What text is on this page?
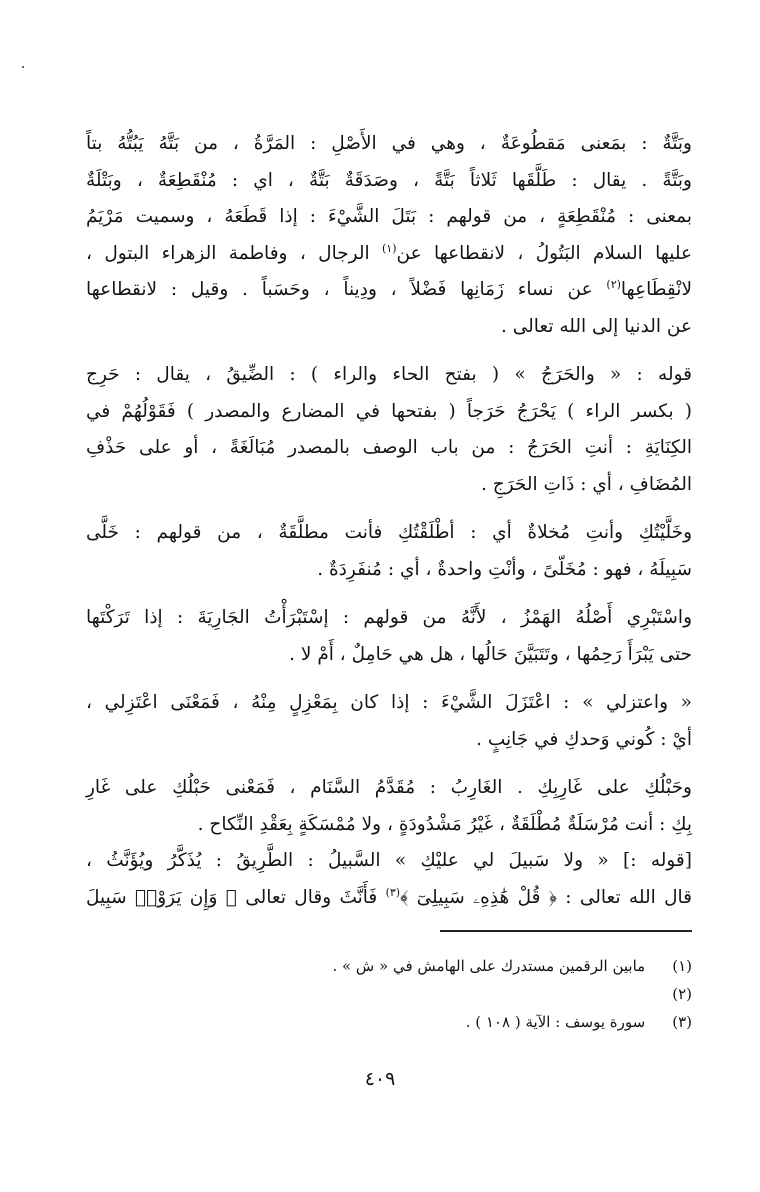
وبَتَّةٌ : بمَعنى مَقطُوعَةٌ ، وهي في الأَصْلِ : المَرَّةُ ، من بَتَّهُ يَبُتُّهُ بتاً
وبَتَّةً . يقال : طَلَّقَها ثَلاثاً بَتَّةً ، وصَدَقَةٌ بَتَّةٌ ، اي : مُنْقَطِعَةٌ ، وبَتْلَةٌ
بمعنى : مُنْقَطِعَةٍ ، من قولهم : بَتَلَ الشَّيْءَ : إذا قَطَعَهُ ، وسميت مَرْيَمُ
عليها السلام البَتُولُ ، لانقطاعها عن$^{(١)}$ الرجال ، وفاطمة الزهراء البتول ،
لانْقِطَاعِها$^{(٢)}$ عن نساء زَمَانِها فَضْلاً ، ودِيناً ، وحَسَباً . وقيل : لانقطاعها
عن الدنيا إلى الله تعالى .
قوله : « والحَرَجُ » ( بفتح الحاء والراء ) : الضِّيقُ ، يقال : حَرِج
( بكسر الراء ) يَحْرَجُ حَرَجاً ( بفتحها في المضارع والمصدر ) فَقَوْلُهُمْ في
الكِنَايَةِ : أنتِ الحَرَجُ : من باب الوصف بالمصدر مُبَالَغَةً ، أو على حَذْفِ
المُضَافِ ، أي : ذَاتِ الحَرَجِ .
وخَلَّيْتُكِ وأنتِ مُخلاةٌ أي : أطْلَقْتُكِ فأنت مطلَّقَةٌ ، من قولهم : خَلَّى
سَبِيلَهُ ، فهو : مُخَلّىً ، وأنْتِ واحدةٌ ، أي : مُنفَرِدَةٌ .
واسْتَبْرِي أَصْلُهُ الهَمْزُ ، لأَنَّهُ من قولهم : إسْتَبْرَأْتُ الجَارِيَةَ : إذا تَرَكْتَها
حتى يَبْرَأَ رَحِمُها ، وتَتَبَيَّنَ حَالُها ، هل هي حَامِلٌ ، أَمْ لا .
« واعتزلي » : اعْتَزَلَ الشَّيْءَ : إذا كان بِمَعْزِلٍ مِنْهُ ، فَمَعْنَى اعْتَزِلي ،
أيْ : كُوني وَحدكِ في جَانِبٍ .
وحَبْلُكِ على غَارِبِكِ . الغَارِبُ : مُقَدَّمُ السَّنَام ، فَمَعْنى حَبْلُكِ على غَارِ
بِكِ : أنت مُرْسَلَةٌ مُطْلَقَةٌ ، غَيْرُ مَشْدُودَةٍ ، ولا مُمْسَكَةٍ بِعَقْدِ النِّكاح .
[قوله :] « ولا سَبيلَ لي عليْكِ » السَّبيلُ : الطَّرِيقُ : يُذَكَّرُ ويُؤَنَّثُ ،
قال الله تعالى : ﴿ قُلْ هَٰذِهِۦ سَبِيلِىٓ ﴾$^{(٣)}$ فَأَنَّثَ وقال تعالى ﴿ وَإِن يَرَوْا۟ سَبِيلَ
(١) مابين الرقمين مستدرك على الهامش في « ش » .
(٢)
(٣) سورة يوسف : الآية ( ١٠٨ ) .
٤٠٩
